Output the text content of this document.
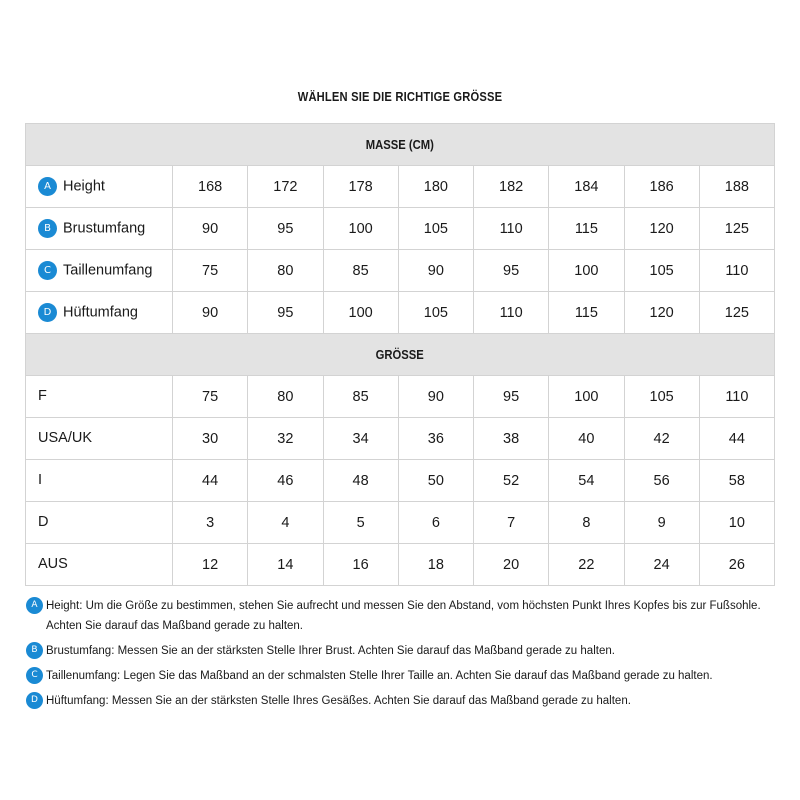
WÄHLEN SIE DIE RICHTIGE GRÖSSE
MASSE (CM)								
A Height	168	172	178	180	182	184	186	188
B Brustumfang	90	95	100	105	110	115	120	125
C Taillenumfang	75	80	85	90	95	100	105	110
D Hüftumfang	90	95	100	105	110	115	120	125
GRÖSSE								
F	75	80	85	90	95	100	105	110
USA/UK	30	32	34	36	38	40	42	44
I	44	46	48	50	52	54	56	58
D	3	4	5	6	7	8	9	10
AUS	12	14	16	18	20	22	24	26
A Height: Um die Größe zu bestimmen, stehen Sie aufrecht und messen Sie den Abstand, vom höchsten Punkt Ihres Kopfes bis zur Fußsohle. Achten Sie darauf das Maßband gerade zu halten.
B Brustumfang: Messen Sie an der stärksten Stelle Ihrer Brust. Achten Sie darauf das Maßband gerade zu halten.
C Taillenumfang: Legen Sie das Maßband an der schmalsten Stelle Ihrer Taille an. Achten Sie darauf das Maßband gerade zu halten.
D Hüftumfang: Messen Sie an der stärksten Stelle Ihres Gesäßes. Achten Sie darauf das Maßband gerade zu halten.
